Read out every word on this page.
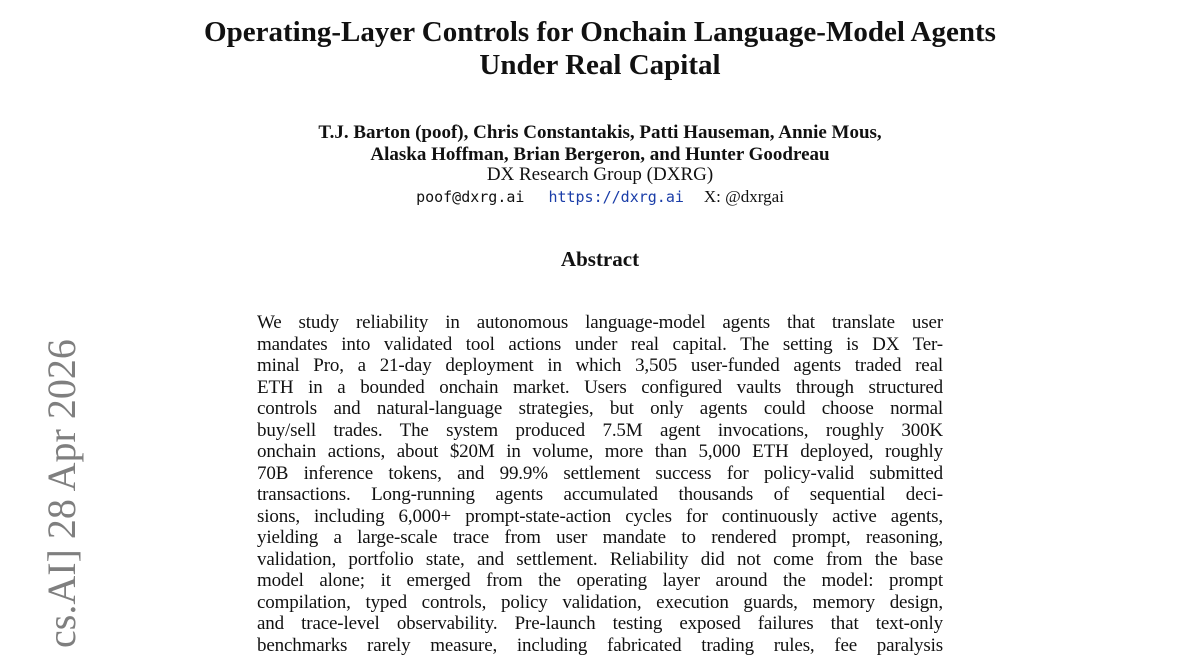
Operating-Layer Controls for Onchain Language-Model Agents
Under Real Capital
T.J. Barton (poof), Chris Constantakis, Patti Hauseman, Annie Mous,
Alaska Hoffman, Brian Bergeron, and Hunter Goodreau
DX Research Group (DXRG)
poof@dxrg.ai https://dxrg.ai X: @dxrgai
Abstract
We study reliability in autonomous language-model agents that translate user
mandates into validated tool actions under real capital. The setting is DX Ter-
minal Pro, a 21-day deployment in which 3,505 user-funded agents traded real
ETH in a bounded onchain market. Users configured vaults through structured
controls and natural-language strategies, but only agents could choose normal
buy/sell trades. The system produced 7.5M agent invocations, roughly 300K
onchain actions, about $20M in volume, more than 5,000 ETH deployed, roughly
70B inference tokens, and 99.9% settlement success for policy-valid submitted
transactions. Long-running agents accumulated thousands of sequential deci-
sions, including 6,000+ prompt-state-action cycles for continuously active agents,
yielding a large-scale trace from user mandate to rendered prompt, reasoning,
validation, portfolio state, and settlement. Reliability did not come from the base
model alone; it emerged from the operating layer around the model: prompt
compilation, typed controls, policy validation, execution guards, memory design,
and trace-level observability. Pre-launch testing exposed failures that text-only
benchmarks rarely measure, including fabricated trading rules, fee paralysis
cs.AI] 28 Apr 2026
